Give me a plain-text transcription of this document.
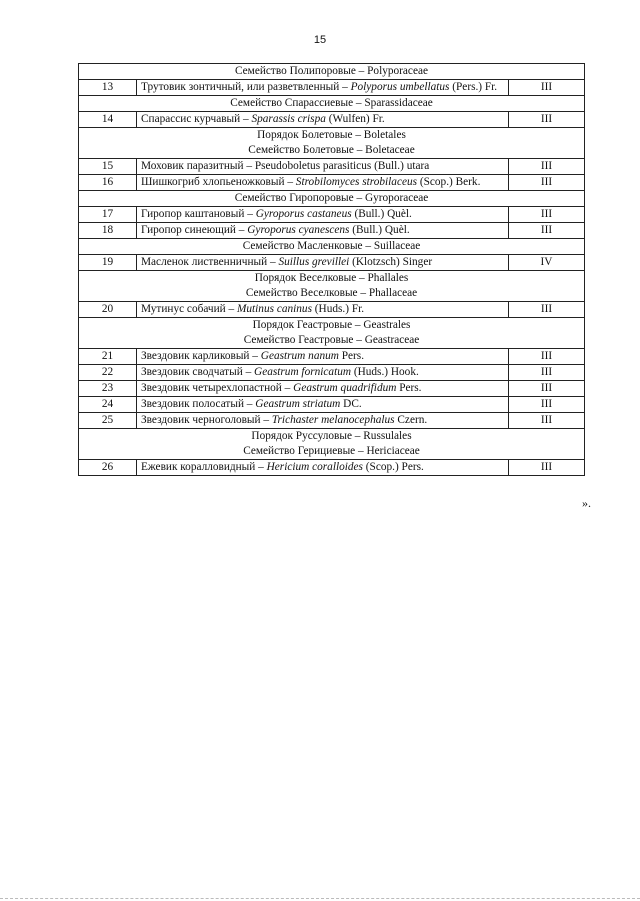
15
Семейство Полипоровые – Polyporaceae		

13	Трутовик зонтичный, или разветвленный – Polyporus umbellatus (Pers.) Fr.	III

Семейство Спарассиевые – Sparassidaceae		

14	Спарассис курчавый – Sparassis crispa (Wulfen) Fr.	III

Порядок Болетовые – Boletales
Семейство Болетовые – Boletaceae		

15	Моховик паразитный – Pseudoboletus parasiticus (Bull.) utara	III
16	Шишкогриб хлопьеножковый – Strobilomyces strobilaceus (Scop.) Berk.	III

Семейство Гиропоровые – Gyroporaceae		

17	Гиропор каштановый – Gyroporus castaneus (Bull.) Quèl.	III
18	Гиропор синеющий – Gyroporus cyanescens (Bull.) Quèl.	III

Семейство Масленковые – Suillaceae		

19	Масленок лиственничный – Suillus grevillei (Klotzsch) Singer	IV

Порядок Веселковые – Phallales
Семейство Веселковые – Phallaceae		

20	Мутинус собачий – Mutinus caninus (Huds.) Fr.	III

Порядок Геастровые – Geastrales
Семейство Геастровые – Geastraceae		

21	Звездовик карликовый – Geastrum nanum Pers.	III
22	Звездовик сводчатый – Geastrum fornicatum (Huds.) Hook.	III
23	Звездовик четырехлопастной – Geastrum quadrifidum Pers.	III
24	Звездовик полосатый – Geastrum striatum DC.	III
25	Звездовик черноголовый – Trichaster melanocephalus Czern.	III

Порядок Руссуловые – Russulales
Семейство Герициевые – Hericiaceae		

26	Ежевик коралловидный – Hericium coralloides (Scop.) Pers.	III
».
